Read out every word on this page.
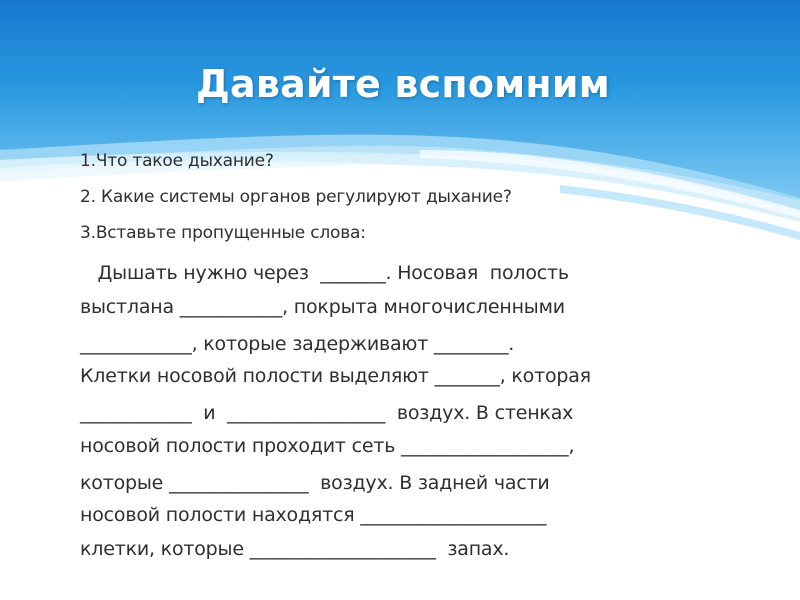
Давайте вспомним
1.Что такое дыхание?
2. Какие системы органов регулируют дыхание?
3.Вставьте пропущенные слова:
Дышать нужно через  _______. Носовая  полость
выстлана ___________, покрыта многочисленными
____________, которые задерживают ________.
Клетки носовой полости выделяют _______, которая
____________  и  _________________  воздух. В стенках
носовой полости проходит сеть __________________,
которые _______________  воздух. В задней части
носовой полости находятся ____________________
клетки, которые ____________________  запах.
